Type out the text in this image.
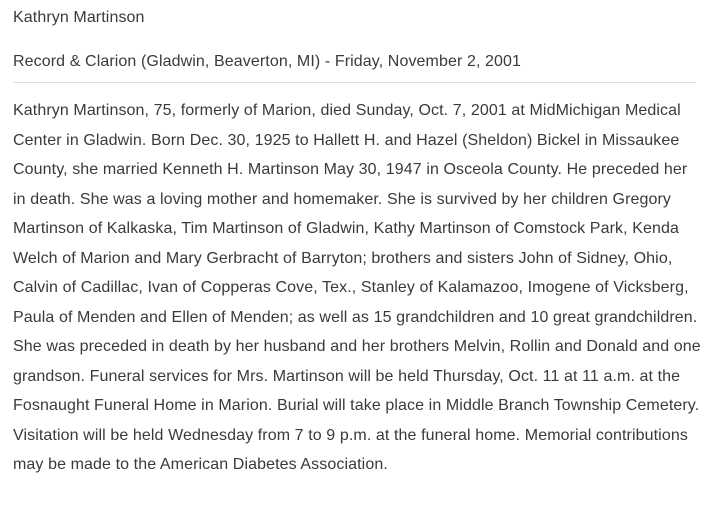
Kathryn Martinson

Record & Clarion (Gladwin, Beaverton, MI) - Friday, November 2, 2001

Kathryn Martinson, 75, formerly of Marion, died Sunday, Oct. 7, 2001 at MidMichigan Medical Center in Gladwin. Born Dec. 30, 1925 to Hallett H. and Hazel (Sheldon) Bickel in Missaukee County, she married Kenneth H. Martinson May 30, 1947 in Osceola County. He preceded her in death. She was a loving mother and homemaker. She is survived by her children Gregory Martinson of Kalkaska, Tim Martinson of Gladwin, Kathy Martinson of Comstock Park, Kenda Welch of Marion and Mary Gerbracht of Barryton; brothers and sisters John of Sidney, Ohio, Calvin of Cadillac, Ivan of Copperas Cove, Tex., Stanley of Kalamazoo, Imogene of Vicksberg, Paula of Menden and Ellen of Menden; as well as 15 grandchildren and 10 great grandchildren. She was preceded in death by her husband and her brothers Melvin, Rollin and Donald and one grandson. Funeral services for Mrs. Martinson will be held Thursday, Oct. 11 at 11 a.m. at the Fosnaught Funeral Home in Marion. Burial will take place in Middle Branch Township Cemetery. Visitation will be held Wednesday from 7 to 9 p.m. at the funeral home. Memorial contributions may be made to the American Diabetes Association.
